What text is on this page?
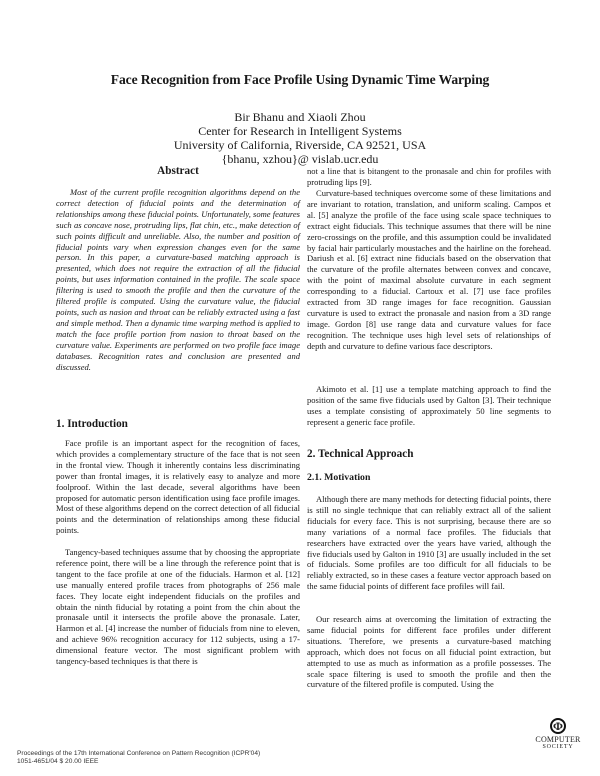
Face Recognition from Face Profile Using Dynamic Time Warping
Bir Bhanu and Xiaoli Zhou
Center for Research in Intelligent Systems
University of California, Riverside, CA 92521, USA
{bhanu, xzhou}@ vislab.ucr.edu
Abstract

Most of the current profile recognition algorithms depend on the correct detection of fiducial points and the determination of relationships among these fiducial points. Unfortunately, some features such as concave nose, protruding lips, flat chin, etc., make detection of such points difficult and unreliable. Also, the number and position of fiducial points vary when expression changes even for the same person. In this paper, a curvature-based matching approach is presented, which does not require the extraction of all the fiducial points, but uses information contained in the profile. The scale space filtering is used to smooth the profile and then the curvature of the filtered profile is computed. Using the curvature value, the fiducial points, such as nasion and throat can be reliably extracted using a fast and simple method. Then a dynamic time warping method is applied to match the face profile portion from nasion to throat based on the curvature value. Experiments are performed on two profile face image databases. Recognition rates and conclusion are presented and discussed.

1. Introduction

Face profile is an important aspect for the recognition of faces, which provides a complementary structure of the face that is not seen in the frontal view. Though it inherently contains less discriminating power than frontal images, it is relatively easy to analyze and more foolproof. Within the last decade, several algorithms have been proposed for automatic person identification using face profile images. Most of these algorithms depend on the correct detection of all fiducial points and the determination of relationships among these fiducial points.

Tangency-based techniques assume that by choosing the appropriate reference point, there will be a line through the reference point that is tangent to the face profile at one of the fiducials. Harmon et al. [12] use manually entered profile traces from photographs of 256 male faces. They locate eight independent fiducials on the profiles and obtain the ninth fiducial by rotating a point from the chin about the pronasale until it intersects the profile above the pronasale. Later, Harmon et al. [4] increase the number of fiducials from nine to eleven, and achieve 96% recognition accuracy for 112 subjects, using a 17-dimensional feature vector. The most significant problem with tangency-based techniques is that there is

not a line that is bitangent to the pronasale and chin for profiles with protruding lips [9].

Curvature-based techniques overcome some of these limitations and are invariant to rotation, translation, and uniform scaling. Campos et al. [5] analyze the profile of the face using scale space techniques to extract eight fiducials. This technique assumes that there will be nine zero-crossings on the profile, and this assumption could be invalidated by facial hair particularly moustaches and the hairline on the forehead. Dariush et al. [6] extract nine fiducials based on the observation that the curvature of the profile alternates between convex and concave, with the point of maximal absolute curvature in each segment corresponding to a fiducial. Cartoux et al. [7] use face profiles extracted from 3D range images for face recognition. Gaussian curvature is used to extract the pronasale and nasion from a 3D range image. Gordon [8] use range data and curvature values for face recognition. The technique uses high level sets of relationships of depth and curvature to define various face descriptors.

Akimoto et al. [1] use a template matching approach to find the position of the same five fiducials used by Galton [3]. Their technique uses a template consisting of approximately 50 line segments to represent a generic face profile.

2. Technical Approach
2.1. Motivation

Although there are many methods for detecting fiducial points, there is still no single technique that can reliably extract all of the salient fiducials for every face. This is not surprising, because there are so many variations of a normal face profiles. The fiducials that researchers have extracted over the years have varied, although the five fiducials used by Galton in 1910 [3] are usually included in the set of fiducials. Some profiles are too difficult for all fiducials to be reliably extracted, so in these cases a feature vector approach based on the same fiducial points of different face profiles will fail.

Our research aims at overcoming the limitation of extracting the same fiducial points for different face profiles under different situations. Therefore, we presents a curvature-based matching approach, which does not focus on all fiducial point extraction, but attempted to use as much as information as a profile possesses. The scale space filtering is used to smooth the profile and then the curvature of the filtered profile is computed. Using the

Proceedings of the 17th International Conference on Pattern Recognition (ICPR'04)
1051-4651/04 $ 20.00 IEEE
Φ
COMPUTER
SOCIETY
